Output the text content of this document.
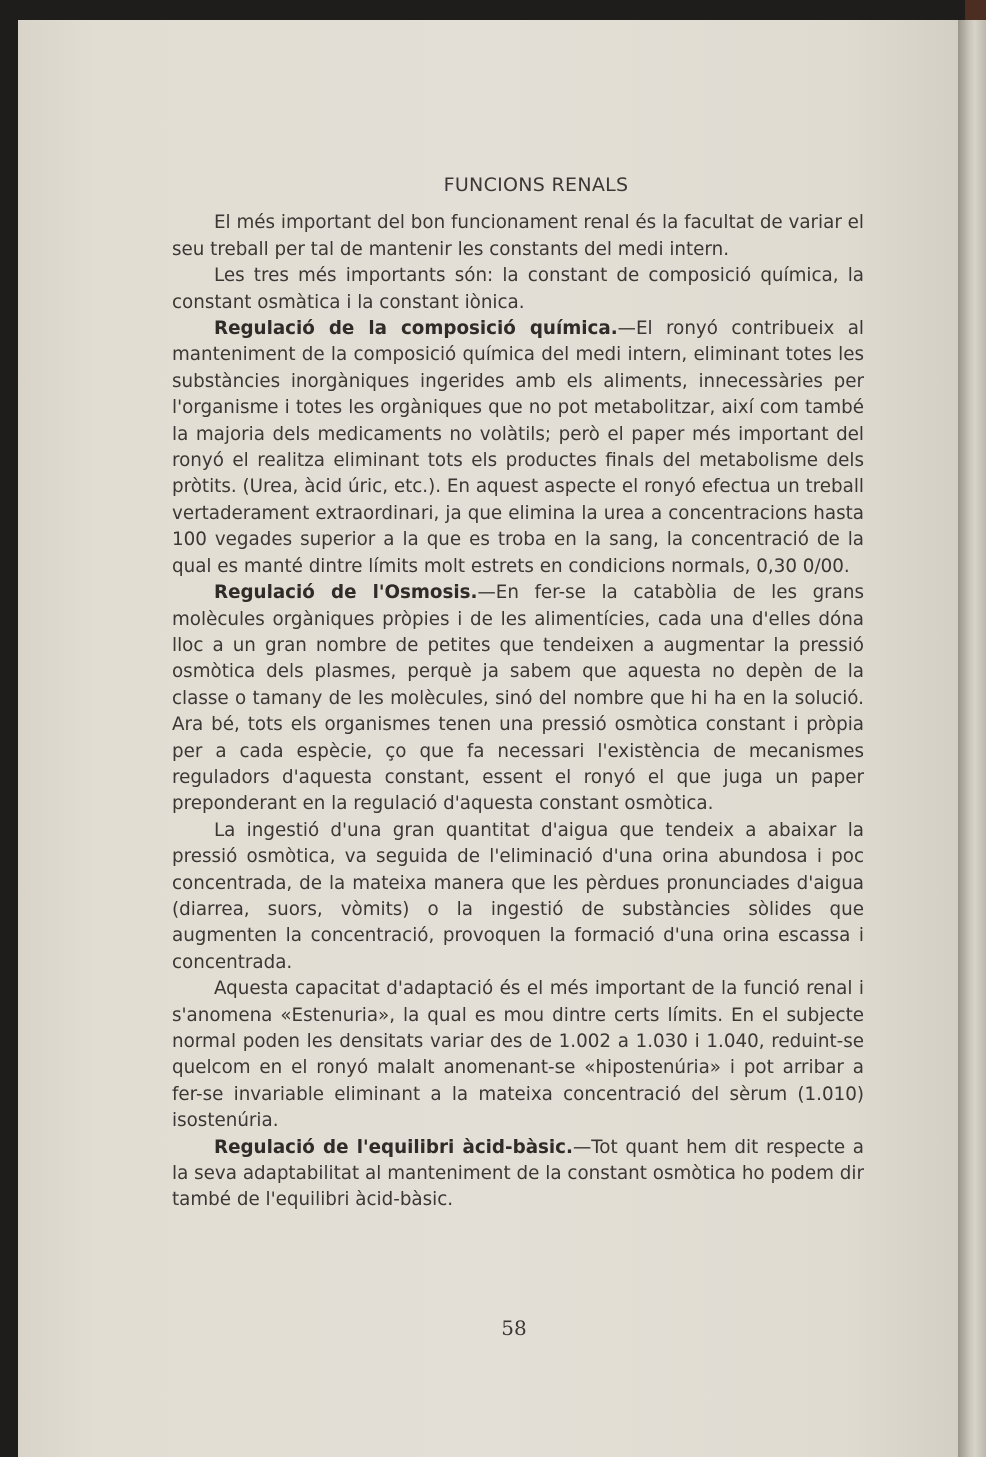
FUNCIONS RENALS

El més important del bon funcionament renal és la facultat de variar el seu treball per tal de mantenir les constants del medi intern.

Les tres més importants són: la constant de composició química, la constant osmàtica i la constant iònica.

Regulació de la composició química.—El ronyó contribueix al manteniment de la composició química del medi intern, eliminant totes les substàncies inorgàniques ingerides amb els aliments, innecessàries per l'organisme i totes les orgàniques que no pot metabolitzar, així com també la majoria dels medicaments no volàtils; però el paper més important del ronyó el realitza eliminant tots els productes finals del metabolisme dels pròtits. (Urea, àcid úric, etc.). En aquest aspecte el ronyó efectua un treball vertaderament extraordinari, ja que elimina la urea a concentracions hasta 100 vegades superior a la que es troba en la sang, la concentració de la qual es manté dintre límits molt estrets en condicions normals, 0,30 0/00.

Regulació de l'Osmosis.—En fer-se la catabòlia de les grans molècules orgàniques pròpies i de les alimentícies, cada una d'elles dóna lloc a un gran nombre de petites que tendeixen a augmentar la pressió osmòtica dels plasmes, perquè ja sabem que aquesta no depèn de la classe o tamany de les molècules, sinó del nombre que hi ha en la solució. Ara bé, tots els organismes tenen una pressió osmòtica constant i pròpia per a cada espècie, ço que fa necessari l'existència de mecanismes reguladors d'aquesta constant, essent el ronyó el que juga un paper preponderant en la regulació d'aquesta constant osmòtica.

La ingestió d'una gran quantitat d'aigua que tendeix a abaixar la pressió osmòtica, va seguida de l'eliminació d'una orina abundosa i poc concentrada, de la mateixa manera que les pèrdues pronunciades d'aigua (diarrea, suors, vòmits) o la ingestió de substàncies sòlides que augmenten la concentració, provoquen la formació d'una orina escassa i concentrada.

Aquesta capacitat d'adaptació és el més important de la funció renal i s'anomena «Estenuria», la qual es mou dintre certs límits. En el subjecte normal poden les densitats variar des de 1.002 a 1.030 i 1.040, reduint-se quelcom en el ronyó malalt anomenant-se «hipostenúria» i pot arribar a fer-se invariable eliminant a la mateixa concentració del sèrum (1.010) isostenúria.

Regulació de l'equilibri àcid-bàsic.—Tot quant hem dit respecte a la seva adaptabilitat al manteniment de la constant osmòtica ho podem dir també de l'equilibri àcid-bàsic.

58
